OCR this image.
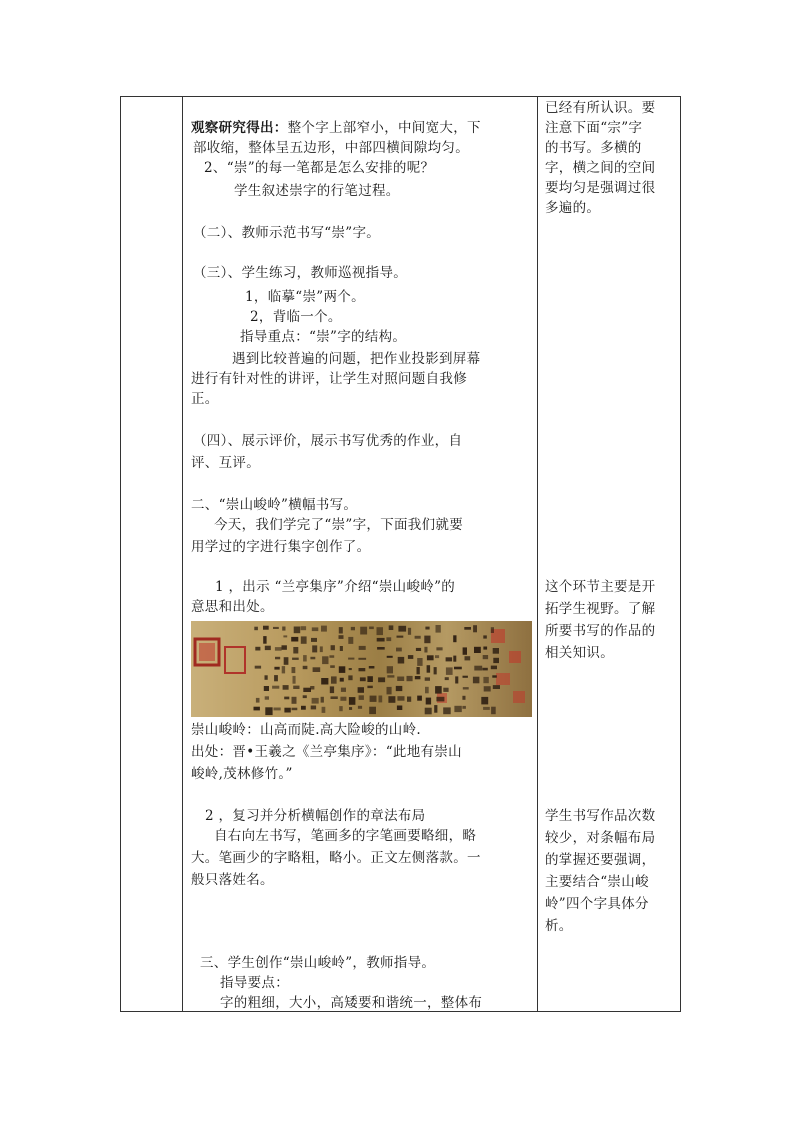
观察研究得出：整个字上部窄小，中间宽大，下
部收缩，整体呈五边形，中部四横间隙均匀。
2、“崇”的每一笔都是怎么安排的呢？
学生叙述崇字的行笔过程。
（二）、教师示范书写“崇”字。
（三）、学生练习，教师巡视指导。
1，临摹“崇”两个。
2，背临一个。
指导重点：“崇”字的结构。
遇到比较普遍的问题，把作业投影到屏幕
进行有针对性的讲评，让学生对照问题自我修
正。
（四）、展示评价，展示书写优秀的作业，自
评、互评。
二、“崇山峻岭”横幅书写。
今天，我们学完了“崇”字，下面我们就要
用学过的字进行集字创作了。
1 ，出示 “兰亭集序”介绍“崇山峻岭”的
意思和出处。
崇山峻岭：山高而陡.高大险峻的山岭.
出处：晋•王羲之《兰亭集序》：“此地有崇山
峻岭,茂林修竹。”
2 ，复习并分析横幅创作的章法布局
自右向左书写，笔画多的字笔画要略细，略
大。笔画少的字略粗，略小。正文左侧落款。一
般只落姓名。
三、学生创作“崇山峻岭”，教师指导。
指导要点：
字的粗细，大小，高矮要和谐统一，整体布
已经有所认识。要
注意下面“宗”字
的书写。多横的
字，横之间的空间
要均匀是强调过很
多遍的。
这个环节主要是开
拓学生视野。了解
所要书写的作品的
相关知识。
学生书写作品次数
较少，对条幅布局
的掌握还要强调，
主要结合“崇山峻
岭”四个字具体分
析。
